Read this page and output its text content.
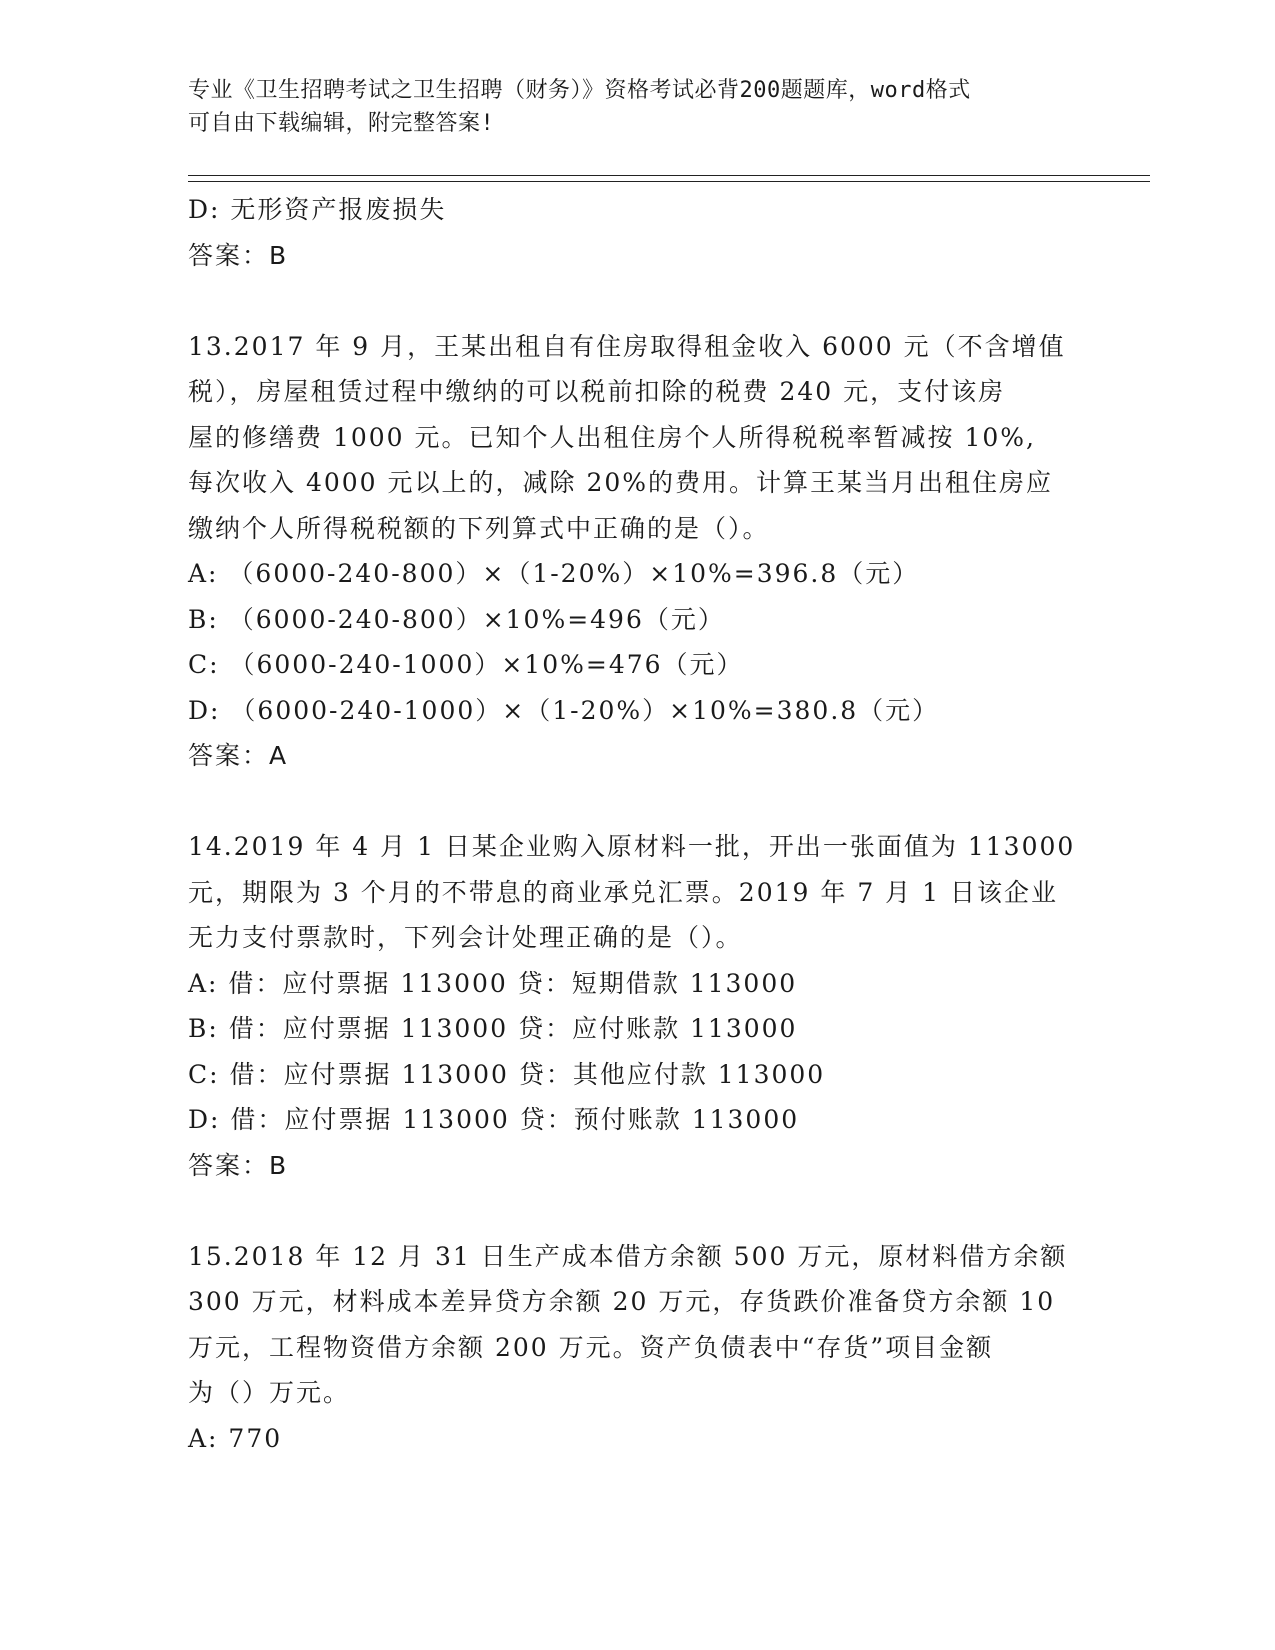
专业《卫生招聘考试之卫生招聘（财务）》资格考试必背200题题库，word格式
可自由下载编辑，附完整答案!
D: 无形资产报废损失
答案：B
13.2017 年 9 月，王某出租自有住房取得租金收入 6000 元（不含增值
税），房屋租赁过程中缴纳的可以税前扣除的税费 240 元，支付该房
屋的修缮费 1000 元。已知个人出租住房个人所得税税率暂减按 10%,
每次收入 4000 元以上的，减除 20%的费用。计算王某当月出租住房应
缴纳个人所得税税额的下列算式中正确的是（）。
A: （6000-240-800）×（1-20%）×10%=396.8（元）
B: （6000-240-800）×10%=496（元）
C: （6000-240-1000）×10%=476（元）
D: （6000-240-1000）×（1-20%）×10%=380.8（元）
答案：A
14.2019 年 4 月 1 日某企业购入原材料一批，开出一张面值为 113000
元，期限为 3 个月的不带息的商业承兑汇票。2019 年 7 月 1 日该企业
无力支付票款时，下列会计处理正确的是（）。
A: 借：应付票据 113000 贷：短期借款 113000
B: 借：应付票据 113000 贷：应付账款 113000
C: 借：应付票据 113000 贷：其他应付款 113000
D: 借：应付票据 113000 贷：预付账款 113000
答案：B
15.2018 年 12 月 31 日生产成本借方余额 500 万元，原材料借方余额
300 万元，材料成本差异贷方余额 20 万元，存货跌价准备贷方余额 10
万元，工程物资借方余额 200 万元。资产负债表中“存货”项目金额
为（）万元。
A: 770
